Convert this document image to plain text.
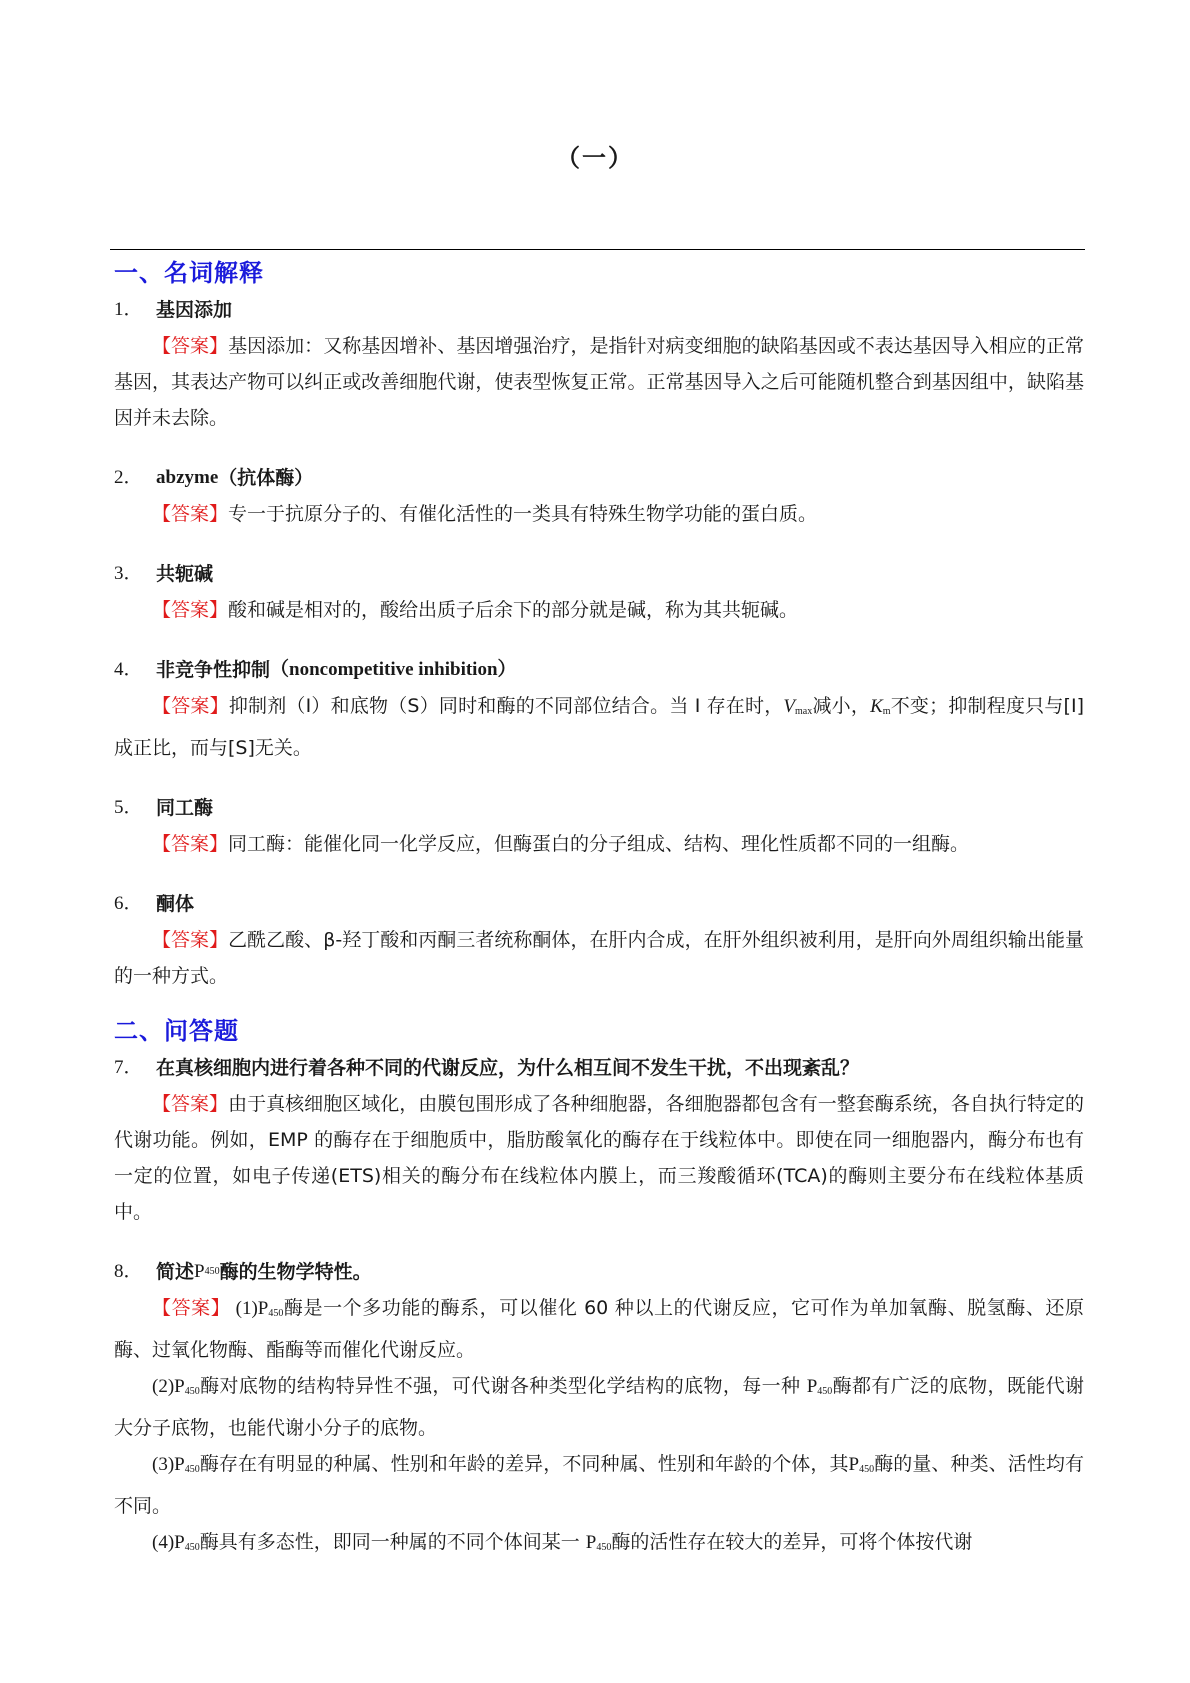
（一）
一、名词解释
1． 基因添加
【答案】基因添加：又称基因增补、基因增强治疗，是指针对病变细胞的缺陷基因或不表达基因导入相应的正常基因，其表达产物可以纠正或改善细胞代谢，使表型恢复正常。正常基因导入之后可能随机整合到基因组中，缺陷基因并未去除。
2． abzyme （抗体酶）
【答案】专一于抗原分子的、有催化活性的一类具有特殊生物学功能的蛋白质。
3． 共轭碱
【答案】酸和碱是相对的，酸给出质子后余下的部分就是碱，称为其共轭碱。
4． 非竞争性抑制 （noncompetitive inhibition）
【答案】抑制剂（I）和底物（S）同时和酶的不同部位结合。当 I 存在时，$V_{max}$减小，$K_m$不变；抑制程度只与[I]成正比，而与[S]无关。
5． 同工酶
【答案】同工酶：能催化同一化学反应，但酶蛋白的分子组成、结构、理化性质都不同的一组酶。
6． 酮体
【答案】乙酰乙酸、β-羟丁酸和丙酮三者统称酮体，在肝内合成，在肝外组织被利用，是肝向外周组织输出能量的一种方式。
二、问答题
7． 在真核细胞内进行着各种不同的代谢反应，为什么相互间不发生干扰，不出现紊乱？
【答案】由于真核细胞区域化，由膜包围形成了各种细胞器，各细胞器都包含有一整套酶系统，各自执行特定的代谢功能。例如，EMP 的酶存在于细胞质中，脂肪酸氧化的酶存在于线粒体中。即使在同一细胞器内，酶分布也有一定的位置，如电子传递(ETS)相关的酶分布在线粒体内膜上，而三羧酸循环(TCA)的酶则主要分布在线粒体基质中。
8． 简述 P 450 酶的生物学特性。
【答案】 $(1)P_{450}$酶是一个多功能的酶系，可以催化 60 种以上的代谢反应，它可作为单加氧酶、脱氢酶、还原酶、过氧化物酶、酯酶等而催化代谢反应。
$(2)P_{450}$酶对底物的结构特异性不强，可代谢各种类型化学结构的底物，每一种 $P_{450}$酶都有广泛的底物，既能代谢大分子底物，也能代谢小分子的底物。
$(3)P_{450}$酶存在有明显的种属、性别和年龄的差异，不同种属、性别和年龄的个体，其$P_{450}$酶的量、种类、活性均有不同。
$(4)P_{450}$酶具有多态性，即同一种属的不同个体间某一 $P_{450}$酶的活性存在较大的差异，可将个体按代谢
